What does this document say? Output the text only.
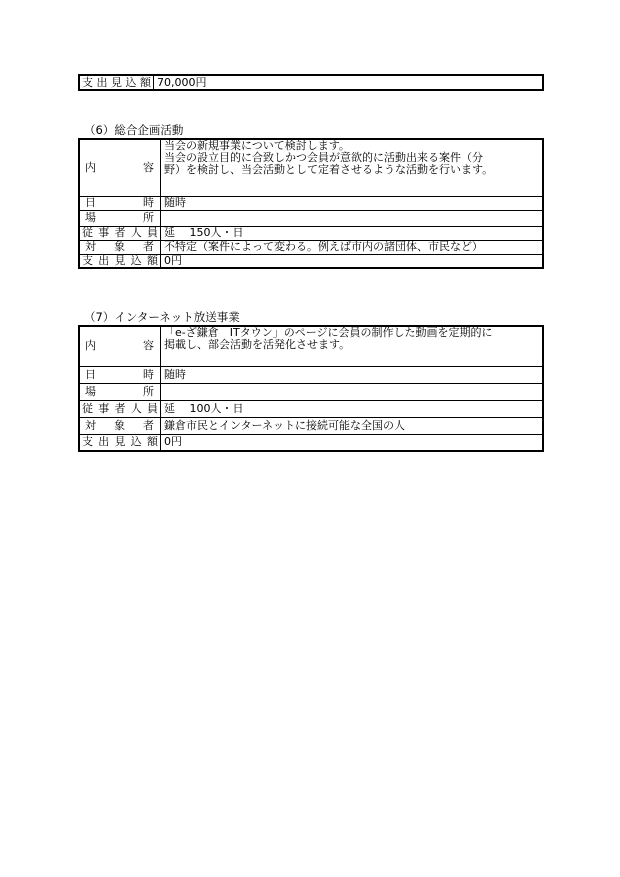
支出見込額	70,000円
（6）総合企画活動
内　　容	当会の新規事業について検討します。
当会の設立目的に合致しかつ会員が意欲的に活動出来る案件（分
野）を検討し、当会活動として定着させるような活動を行います。

日　　時	随時
場　　所	
従事者人員	延　 150人・日
対 象 者	不特定（案件によって変わる。例えば市内の諸団体、市民など）
支出見込額	0円
（7）インターネット放送事業
内　　容	「e-ざ鎌倉　ITタウン」のページに会員の制作した動画を定期的に
掲載し、部会活動を活発化させます。

日　　時	随時
場　　所	
従事者人員	延　 100人・日
対 象 者	鎌倉市民とインターネットに接続可能な全国の人
支出見込額	0円
